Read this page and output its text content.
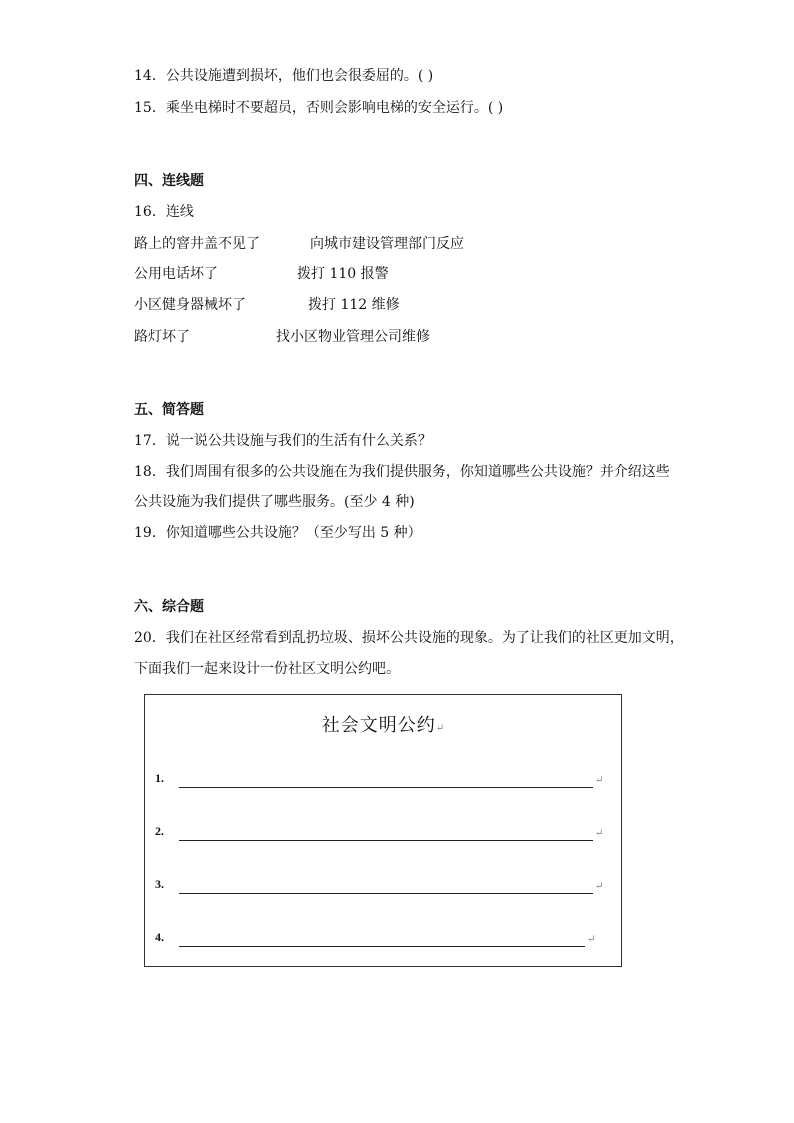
14．公共设施遭到损坏，他们也会很委屈的。( )
15．乘坐电梯时不要超员，否则会影响电梯的安全运行。( )
四、连线题
16．连线
路上的窨井盖不见了	向城市建设管理部门反应
公用电话坏了	拨打 110 报警
小区健身器械坏了	拨打 112 维修
路灯坏了	找小区物业管理公司维修
五、简答题
17．说一说公共设施与我们的生活有什么关系？
18．我们周围有很多的公共设施在为我们提供服务，你知道哪些公共设施？并介绍这些
公共设施为我们提供了哪些服务。(至少 4 种)
19．你知道哪些公共设施？（至少写出 5 种）
六、综合题
20．我们在社区经常看到乱扔垃圾、损坏公共设施的现象。为了让我们的社区更加文明，
下面我们一起来设计一份社区文明公约吧。
社会文明公约↵
1.	↵
2.	↵
3.	↵
4.	↵
